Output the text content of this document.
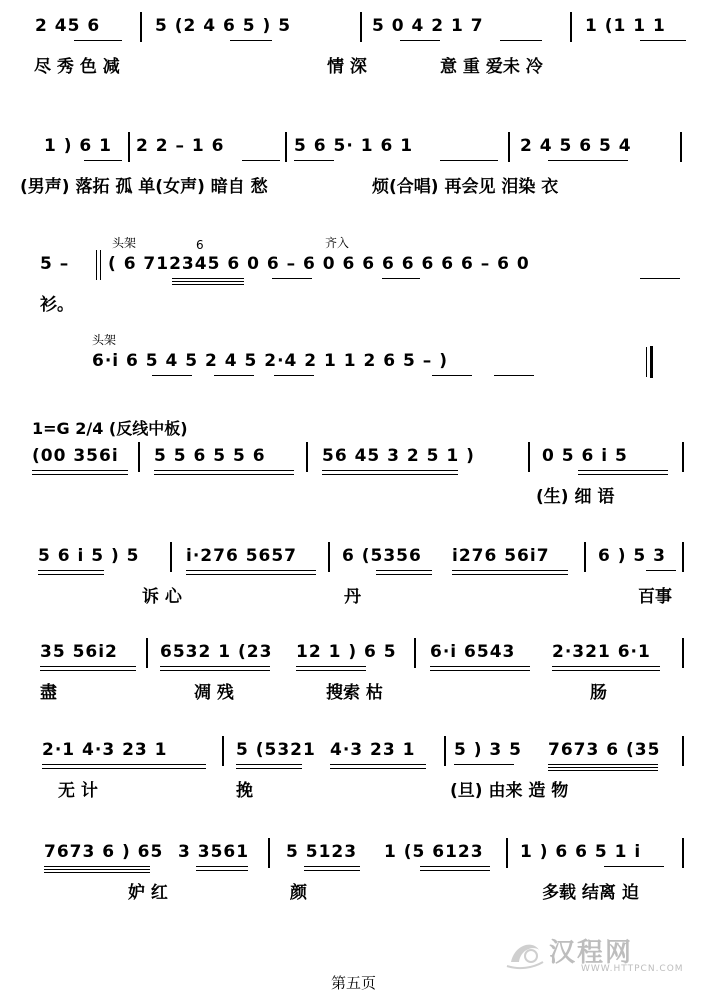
2 45 6	5 (2 4 6 5 ) 5	5 0 4 2 1 7	1 (1 1 1
尽 秀 色 减	情 深	意 重 爱未 冷
1 ) 6 1 2 2 – 1 6	5 6 5· 1 6 1	2 4 5 6 5 4
(男声) 落拓 孤 单(女声) 暗自 愁	烦(合唱) 再会见 泪染 衣
头架	6	齐入
5 – ( 6 712345 6 0 6 – 6 0 6 6 6 6 6 6 6 – 6 0
衫。
头架
6·i 6 5 4 5 2 4 5 2·4 2 1 1 2 6 5 – )
1=G 2/4 (反线中板)
(00 356i 5 5 6 5 5 6	56 45 3 2 5 1 )	0 5 6 i 5
(生) 细 语
5 6 i 5 ) 5	i·276 5657	6 (5356 i276 56i7	6 ) 5 3
诉 心	丹	百事
35 56i2 6532 1 (23 12 1 ) 6 5 6·i 6543 2·321 6·1
盡	凋 残	搜索 枯	肠
2·1 4·3 23 1	5 (5321 4·3 23 1 5 ) 3 5 7673 6 (35
无 计	挽	(旦) 由来 造 物
7673 6 ) 65 3 3561 5 5123 1 (5 6123 1 ) 6 6 5 1 i
妒 红	颜	多载 结离 迫
汉程网
WWW.HTTPCN.COM
第五页
